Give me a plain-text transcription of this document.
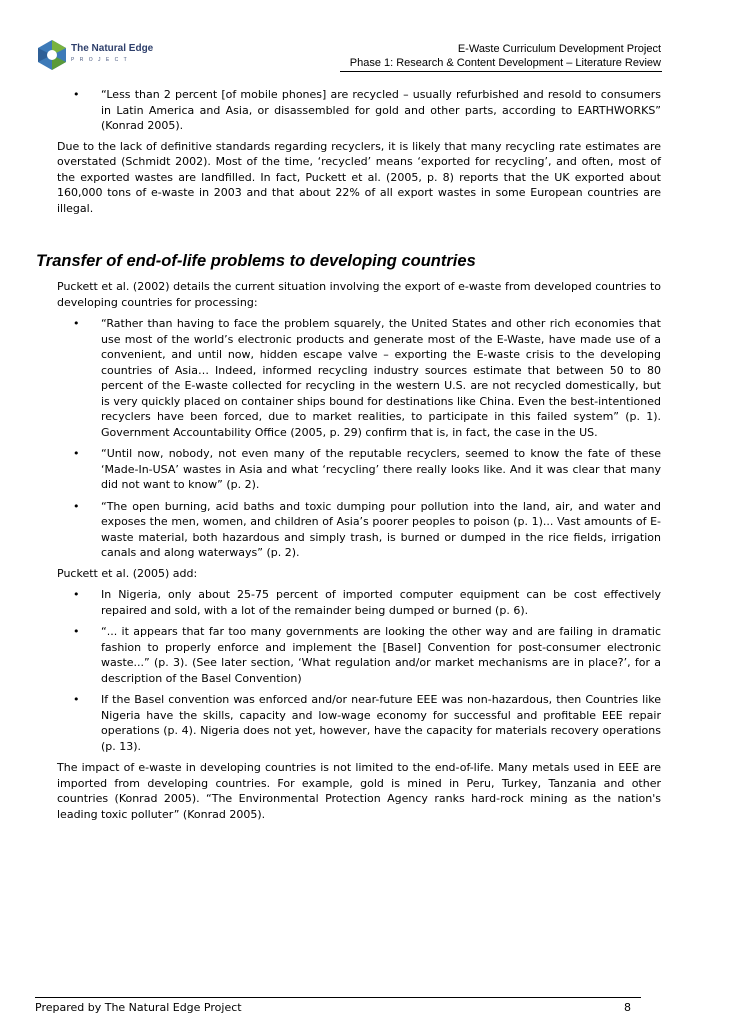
The Natural Edge
PROJECT
E-Waste Curriculum Development Project
Phase 1: Research & Content Development – Literature Review
• “Less than 2 percent [of mobile phones] are recycled – usually refurbished and resold to consumers in Latin America and Asia, or disassembled for gold and other parts, according to EARTHWORKS” (Konrad 2005).

Due to the lack of definitive standards regarding recyclers, it is likely that many recycling rate estimates are overstated (Schmidt 2002). Most of the time, ‘recycled’ means ‘exported for recycling’, and often, most of the exported wastes are landfilled. In fact, Puckett et al. (2005, p. 8) reports that the UK exported about 160,000 tons of e-waste in 2003 and that about 22% of all export wastes in some European countries are illegal.

Transfer of end-of-life problems to developing countries

Puckett et al. (2002) details the current situation involving the export of e-waste from developed countries to developing countries for processing:

• “Rather than having to face the problem squarely, the United States and other rich economies that use most of the world’s electronic products and generate most of the E-Waste, have made use of a convenient, and until now, hidden escape valve – exporting the E-waste crisis to the developing countries of Asia… Indeed, informed recycling industry sources estimate that between 50 to 80 percent of the E-waste collected for recycling in the western U.S. are not recycled domestically, but is very quickly placed on container ships bound for destinations like China. Even the best-intentioned recyclers have been forced, due to market realities, to participate in this failed system” (p. 1). Government Accountability Office (2005, p. 29) confirm that is, in fact, the case in the US.
• “Until now, nobody, not even many of the reputable recyclers, seemed to know the fate of these ‘Made-In-USA’ wastes in Asia and what ‘recycling’ there really looks like. And it was clear that many did not want to know” (p. 2).
• “The open burning, acid baths and toxic dumping pour pollution into the land, air, and water and exposes the men, women, and children of Asia’s poorer peoples to poison (p. 1)... Vast amounts of E-waste material, both hazardous and simply trash, is burned or dumped in the rice fields, irrigation canals and along waterways” (p. 2).

Puckett et al. (2005) add:

• In Nigeria, only about 25-75 percent of imported computer equipment can be cost effectively repaired and sold, with a lot of the remainder being dumped or burned (p. 6).
• “... it appears that far too many governments are looking the other way and are failing in dramatic fashion to properly enforce and implement the [Basel] Convention for post-consumer electronic waste...” (p. 3). (See later section, ‘What regulation and/or market mechanisms are in place?’, for a description of the Basel Convention)
• If the Basel convention was enforced and/or near-future EEE was non-hazardous, then Countries like Nigeria have the skills, capacity and low-wage economy for successful and profitable EEE repair operations (p. 4). Nigeria does not yet, however, have the capacity for materials recovery operations (p. 13).

The impact of e-waste in developing countries is not limited to the end-of-life. Many metals used in EEE are imported from developing countries. For example, gold is mined in Peru, Turkey, Tanzania and other countries (Konrad 2005). “The Environmental Protection Agency ranks hard-rock mining as the nation's leading toxic polluter” (Konrad 2005).

Prepared by The Natural Edge Project	8
